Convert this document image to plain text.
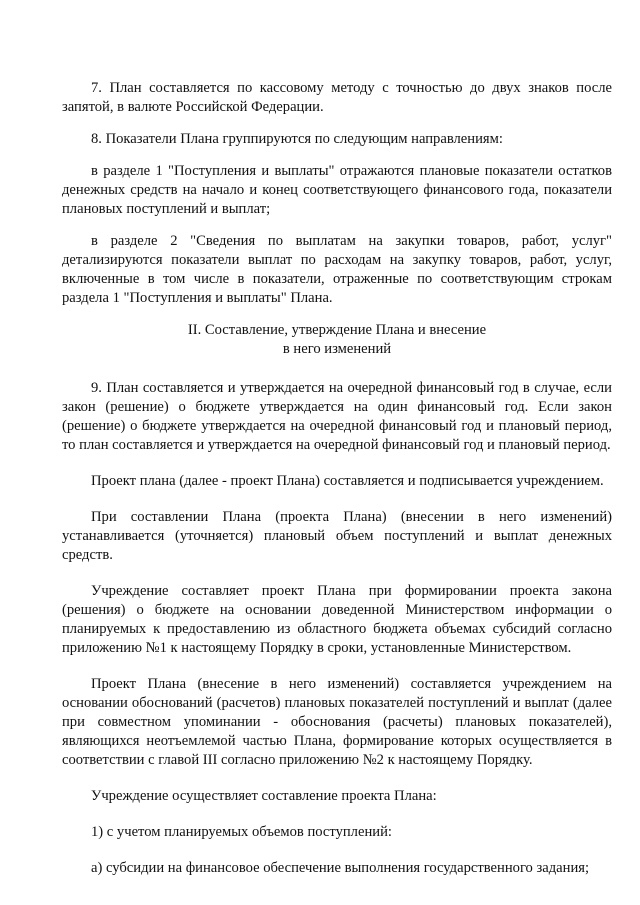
7. План составляется по кассовому методу с точностью до двух знаков после запятой, в валюте Российской Федерации.

8. Показатели Плана группируются по следующим направлениям:

в разделе 1 "Поступления и выплаты" отражаются плановые показатели остатков денежных средств на начало и конец соответствующего финансового года, показатели плановых поступлений и выплат;

в разделе 2 "Сведения по выплатам на закупки товаров, работ, услуг" детализируются показатели выплат по расходам на закупку товаров, работ, услуг, включенные в том числе в показатели, отраженные по соответствующим строкам раздела 1 "Поступления и выплаты" Плана.

II. Составление, утверждение Плана и внесение
в него изменений

9. План составляется и утверждается на очередной финансовый год в случае, если закон (решение) о бюджете утверждается на один финансовый год. Если закон (решение) о бюджете утверждается на очередной финансовый год и плановый период, то план составляется и утверждается на очередной финансовый год и плановый период.

Проект плана (далее - проект Плана) составляется и подписывается учреждением.

При составлении Плана (проекта Плана) (внесении в него изменений) устанавливается (уточняется) плановый объем поступлений и выплат денежных средств.

Учреждение составляет проект Плана при формировании проекта закона (решения) о бюджете на основании доведенной Министерством информации о планируемых к предоставлению из областного бюджета объемах субсидий согласно приложению №1 к настоящему Порядку в сроки, установленные Министерством.

Проект Плана (внесение в него изменений) составляется учреждением на основании обоснований (расчетов) плановых показателей поступлений и выплат (далее при совместном упоминании - обоснования (расчеты) плановых показателей), являющихся неотъемлемой частью Плана, формирование которых осуществляется в соответствии с главой III согласно приложению №2 к настоящему Порядку.

Учреждение осуществляет составление проекта Плана:

1) с учетом планируемых объемов поступлений:

а) субсидии на финансовое обеспечение выполнения государственного задания;
